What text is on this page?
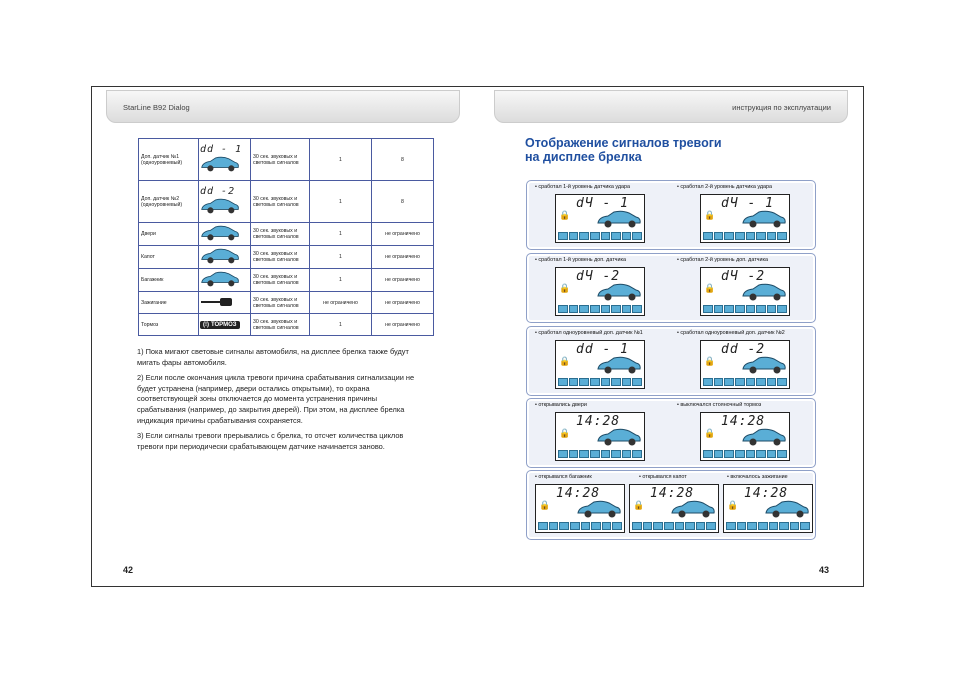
StarLine B92 Dialog	инструкция по эксплуатации
Доп. датчик №1 (одноуровневый)	dd - 1	30 сек. звуковых и световых сигналов	1	8
Доп. датчик №2 (одноуровневый)	dd -2	30 сек. звуковых и световых сигналов	1	8
Двери		30 сек. звуковых и световых сигналов	1	не ограничено
Капот		30 сек. звуковых и световых сигналов	1	не ограничено
Багажник		30 сек. звуковых и световых сигналов	1	не ограничено
Зажигание		30 сек. звуковых и световых сигналов	не ограничено	не ограничено
Тормоз	(!) ТОРМОЗ	30 сек. звуковых и световых сигналов	1	не ограничено

1) Пока мигают световые сигналы автомобиля, на дисплее брелка также будут мигать фары автомобиля.

2) Если после окончания цикла тревоги причина срабатывания сигнализации не будет устранена (например, двери остались открытыми), то охрана соответствующей зоны отключается до момента устранения причины срабатывания (например, до закрытия дверей). При этом, на дисплее брелка индикация причины срабатывания сохраняется.

3) Если сигналы тревоги прерывались с брелка, то отсчет количества циклов тревоги при периодически срабатывающем датчике начинается заново.

Отображение сигналов тревоги
на дисплее брелка
• сработал 1-й уровень датчика удара
🔒
dЧ - 1
• сработал 2-й уровень датчика удара
🔒
dЧ - 1
• сработал 1-й уровень доп. датчика
🔒
dЧ -2
• сработал 2-й уровень доп. датчика
🔒
dЧ -2
• сработал одноуровневый доп. датчик №1
🔒
dd - 1
• сработал одноуровневый доп. датчик №2
🔒
dd -2
• открывались двери
🔒
14:28
• выключался стояночный тормоз
🔒
14:28
• открывался багажник
🔒
14:28
• открывался капот
🔒
14:28
• включалось зажигание
🔒
14:28
42	43
